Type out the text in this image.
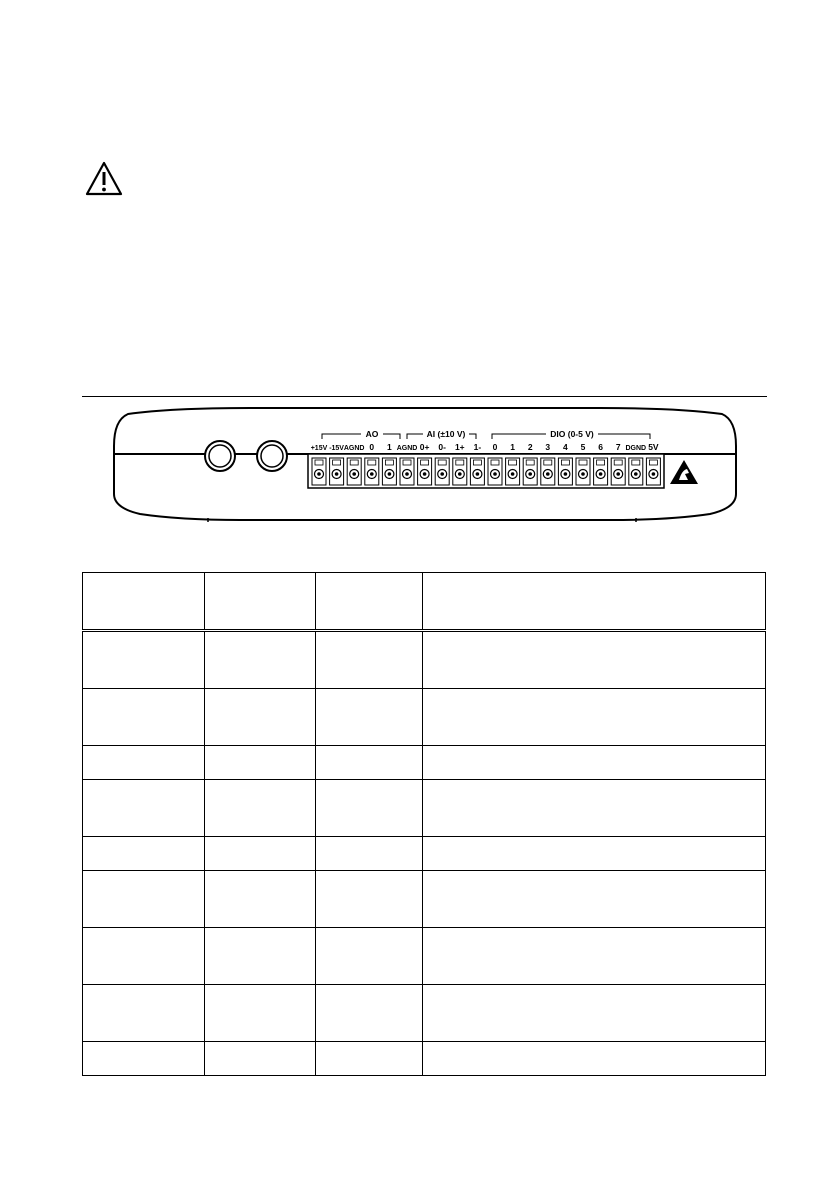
AO	AI (±10 V)	DIO (0-5 V)
+15V -15V AGND 0 1 AGND 0+ 0- 1+ 1- 0 1 2 3 4 5 6 7 DGND 5V
